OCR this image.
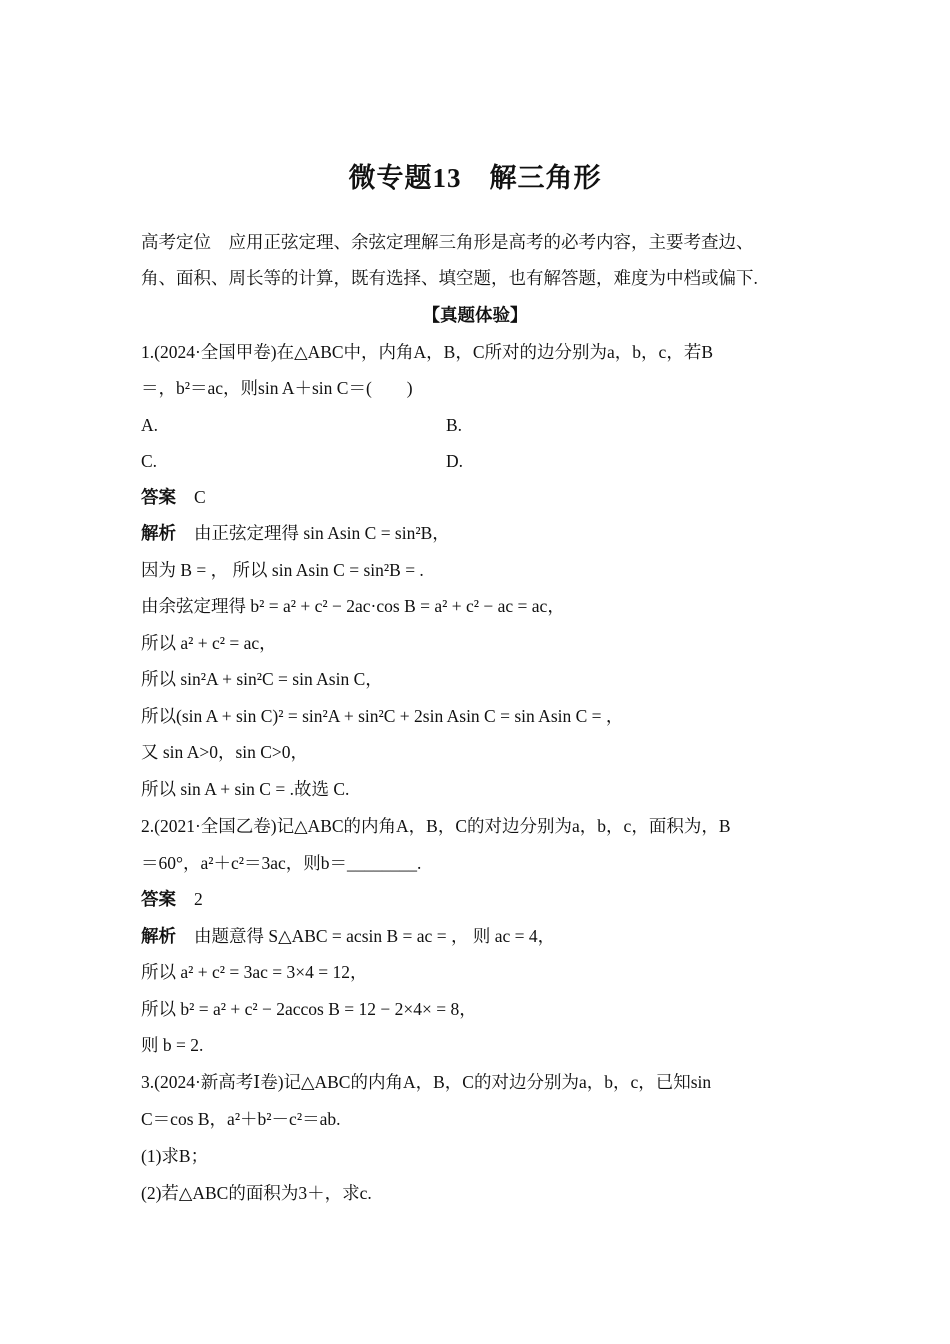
微专题13　解三角形
高考定位　应用正弦定理、余弦定理解三角形是高考的必考内容，主要考查边、
角、面积、周长等的计算，既有选择、填空题，也有解答题，难度为中档或偏下.
【真题体验】
1.(2024·全国甲卷)在△ABC中，内角A，B，C所对的边分别为a，b，c，若B
＝，b²＝ac，则sin A＋sin C＝(　　)
A.	B.
C.	D.
答案 C
解析 由正弦定理得 sin Asin C = sin²B，
因为 B = ， 所以 sin Asin C = sin²B = .
由余弦定理得 b² = a² + c² − 2ac·cos B = a² + c² − ac = ac，
所以 a² + c² = ac，
所以 sin²A + sin²C = sin Asin C，
所以(sin A + sin C)² = sin²A + sin²C + 2sin Asin C = sin Asin C = ，
又 sin A>0，sin C>0，
所以 sin A + sin C = .故选 C.
2.(2021·全国乙卷)记△ABC的内角A，B，C的对边分别为a，b，c，面积为，B
＝60°，a²＋c²＝3ac，则b＝________.
答案 2
解析 由题意得 S△ABC = acsin B = ac = ， 则 ac = 4，
所以 a² + c² = 3ac = 3×4 = 12，
所以 b² = a² + c² − 2accos B = 12 − 2×4× = 8，
则 b = 2.
3.(2024·新高考Ⅰ卷)记△ABC的内角A，B，C的对边分别为a，b，c，已知sin
C＝cos B，a²＋b²－c²＝ab.
(1)求B；
(2)若△ABC的面积为3＋，求c.
